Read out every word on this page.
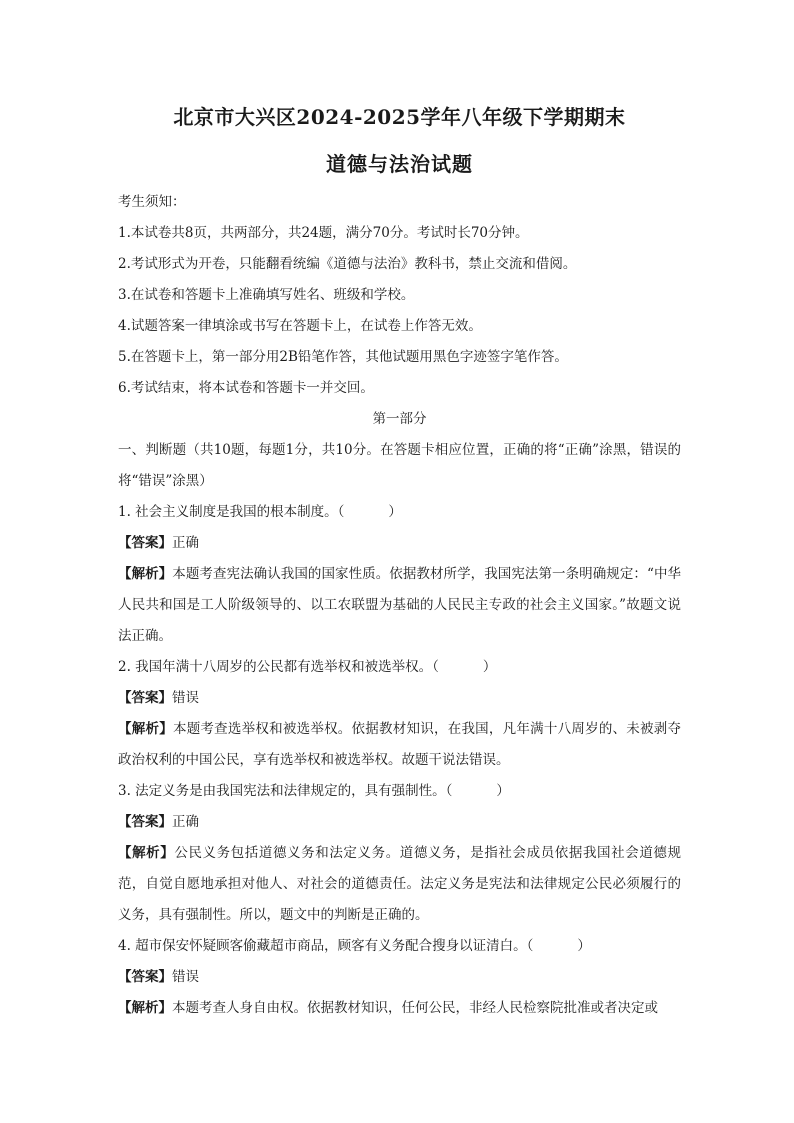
北京市大兴区2024-2025学年八年级下学期期末
道德与法治试题
考生须知：
1.本试卷共8页，共两部分，共24题，满分70分。考试时长70分钟。
2.考试形式为开卷，只能翻看统编《道德与法治》教科书，禁止交流和借阅。
3.在试卷和答题卡上准确填写姓名、班级和学校。
4.试题答案一律填涂或书写在答题卡上，在试卷上作答无效。
5.在答题卡上，第一部分用2B铅笔作答，其他试题用黑色字迹签字笔作答。
6.考试结束，将本试卷和答题卡一并交回。
第一部分
一、判断题（共10题，每题1分，共10分。在答题卡相应位置，正确的将“正确”涂黑，错误的将“错误”涂黑）
1. 社会主义制度是我国的根本制度。（	）
【答案】正确
【解析】本题考查宪法确认我国的国家性质。依据教材所学，我国宪法第一条明确规定：“中华人民共和国是工人阶级领导的、以工农联盟为基础的人民民主专政的社会主义国家。”故题文说法正确。
2. 我国年满十八周岁的公民都有选举权和被选举权。（	）
【答案】错误
【解析】本题考查选举权和被选举权。依据教材知识，在我国，凡年满十八周岁的、未被剥夺政治权利的中国公民，享有选举权和被选举权。故题干说法错误。
3. 法定义务是由我国宪法和法律规定的，具有强制性。（	）
【答案】正确
【解析】公民义务包括道德义务和法定义务。道德义务，是指社会成员依据我国社会道德规范，自觉自愿地承担对他人、对社会的道德责任。法定义务是宪法和法律规定公民必须履行的义务，具有强制性。所以，题文中的判断是正确的。
4. 超市保安怀疑顾客偷藏超市商品，顾客有义务配合搜身以证清白。（	）
【答案】错误
【解析】本题考查人身自由权。依据教材知识，任何公民，非经人民检察院批准或者决定或
